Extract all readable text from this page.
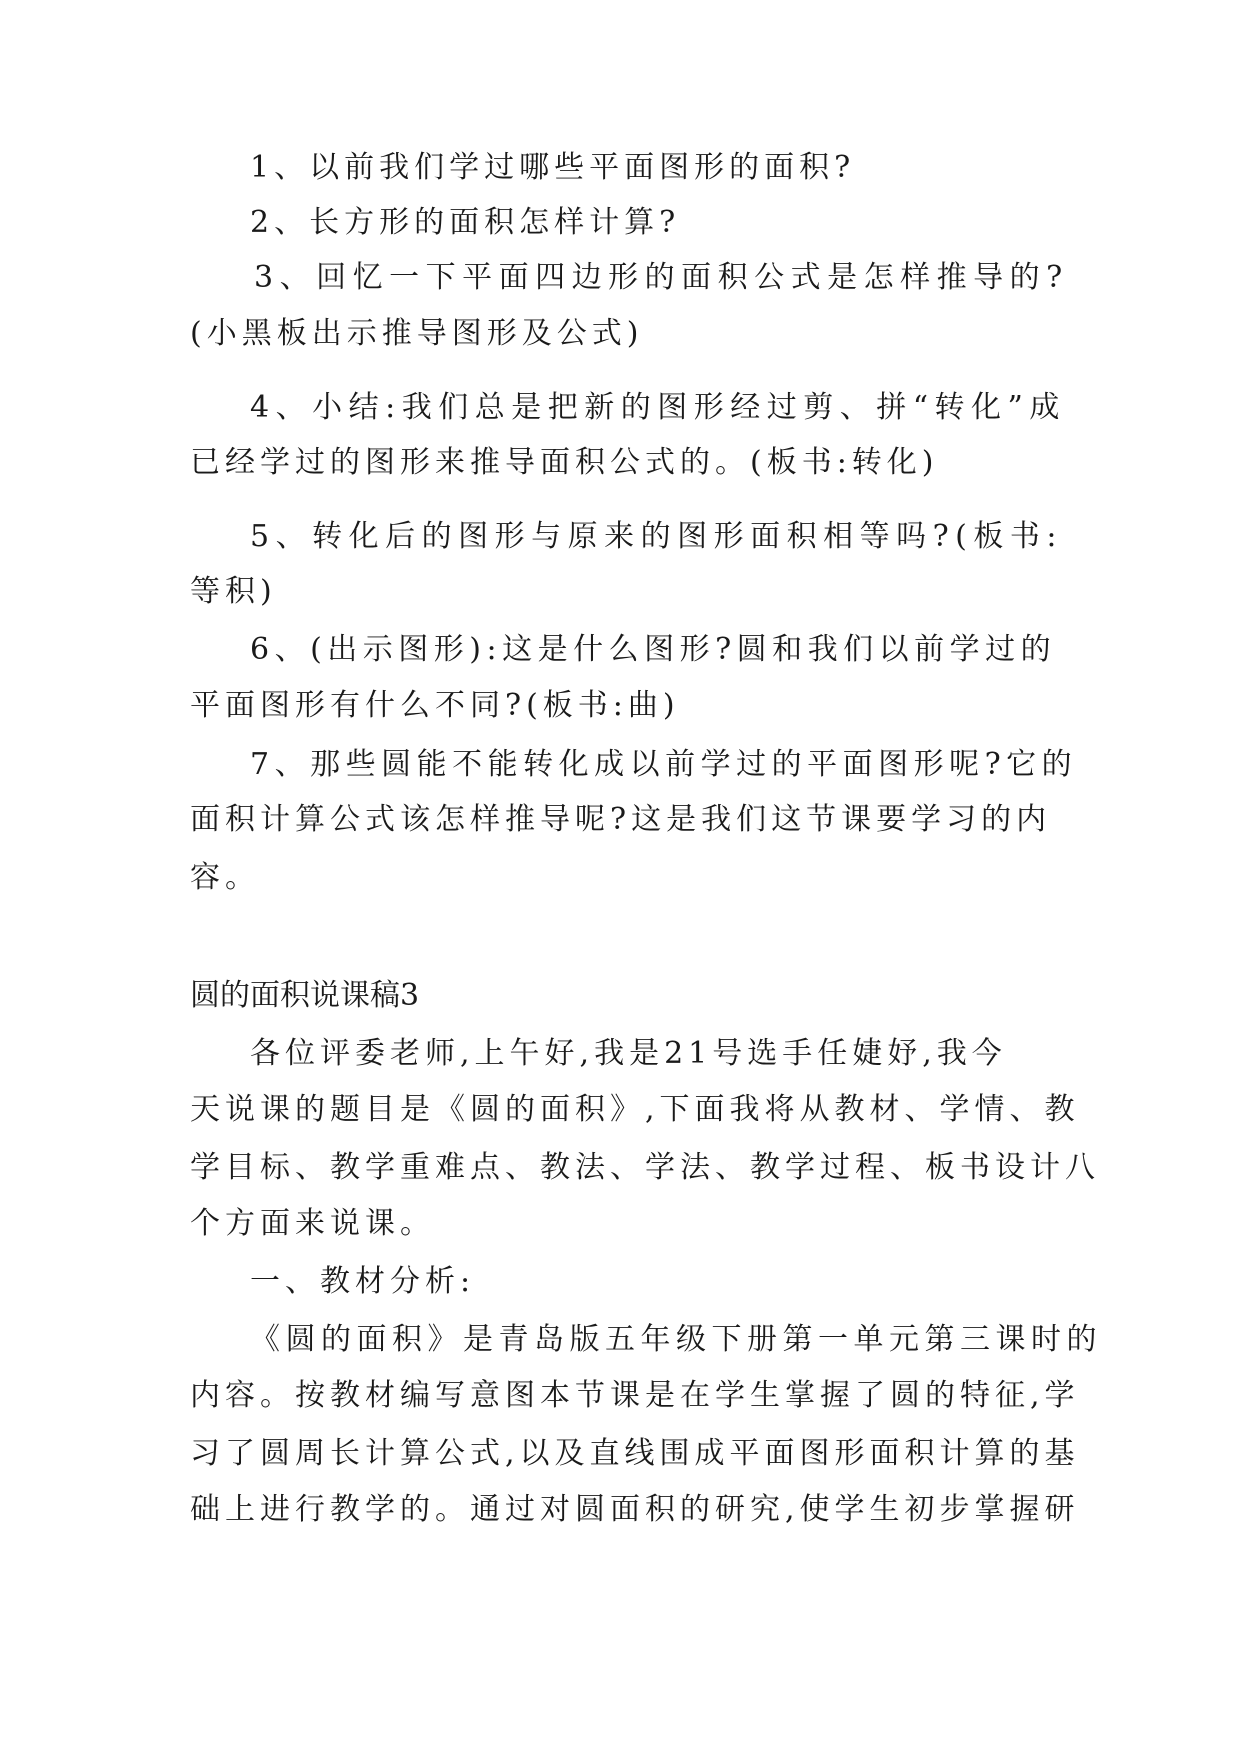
1、以前我们学过哪些平面图形的面积?
2、长方形的面积怎样计算?
3、回忆一下平面四边形的面积公式是怎样推导的?
(小黑板出示推导图形及公式)
4、小结:我们总是把新的图形经过剪、拼“转化”成
已经学过的图形来推导面积公式的。(板书:转化)
5、转化后的图形与原来的图形面积相等吗?(板书:
等积)
6、(出示图形):这是什么图形?圆和我们以前学过的
平面图形有什么不同?(板书:曲)
7、那些圆能不能转化成以前学过的平面图形呢?它的
面积计算公式该怎样推导呢?这是我们这节课要学习的内
容。
圆的面积说课稿3
各位评委老师,上午好,我是21号选手任婕妤,我今
天说课的题目是《圆的面积》,下面我将从教材、学情、教
学目标、教学重难点、教法、学法、教学过程、板书设计八
个方面来说课。
一、教材分析:
《圆的面积》是青岛版五年级下册第一单元第三课时的
内容。按教材编写意图本节课是在学生掌握了圆的特征,学
习了圆周长计算公式,以及直线围成平面图形面积计算的基
础上进行教学的。通过对圆面积的研究,使学生初步掌握研
